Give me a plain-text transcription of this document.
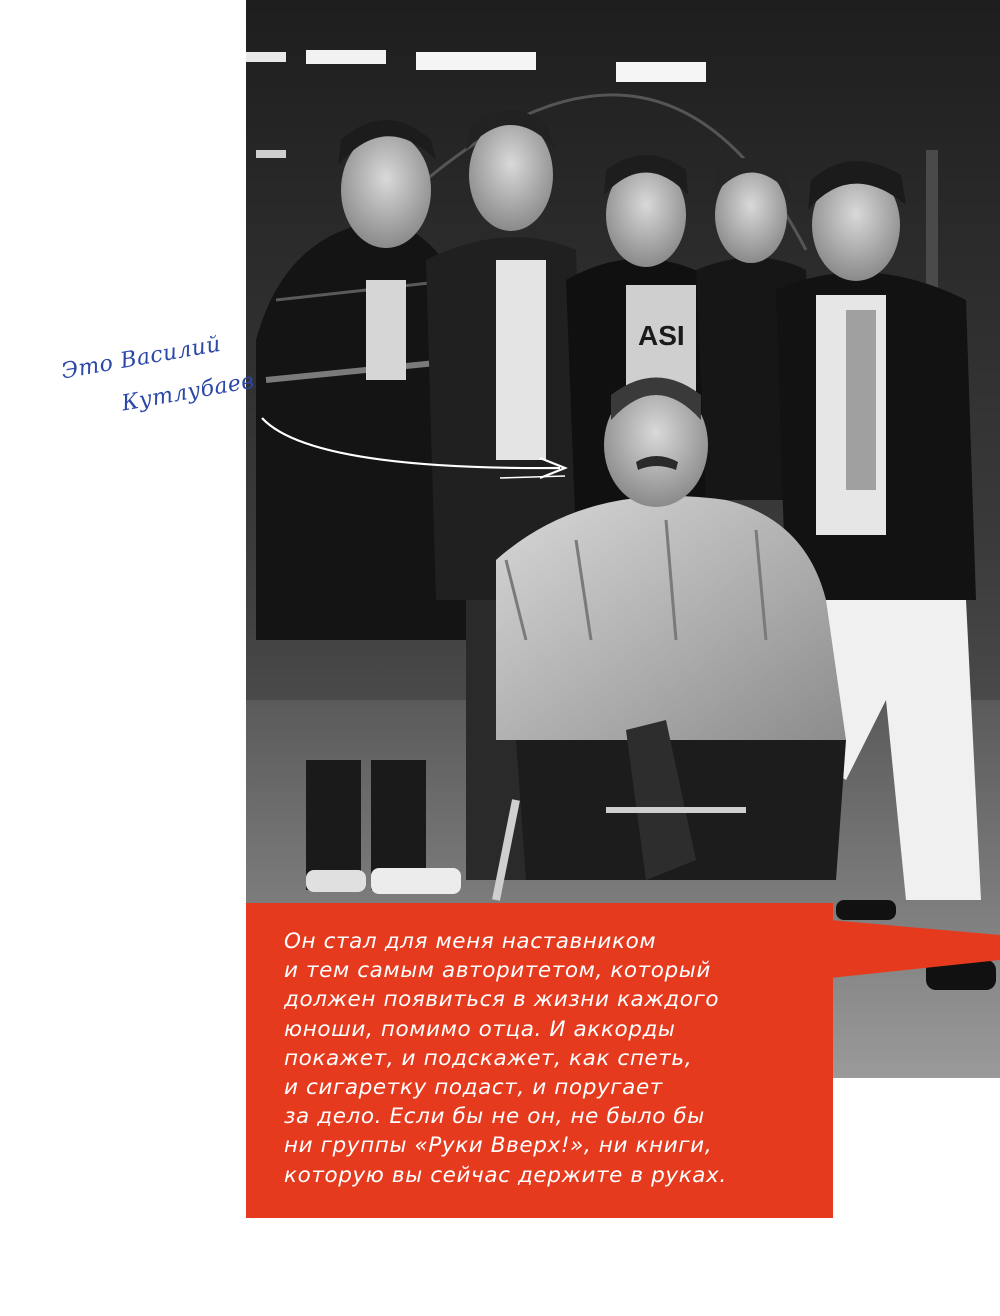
ASI
Это Василий
Кутлубаев
Он стал для меня наставником
и тем самым авторитетом, который
должен появиться в жизни каждого
юноши, помимо отца. И аккорды
покажет, и подскажет, как спеть,
и сигаретку подаст, и поругает
за дело. Если бы не он, не было бы
ни группы «Руки Вверх!», ни книги,
которую вы сейчас держите в руках.
